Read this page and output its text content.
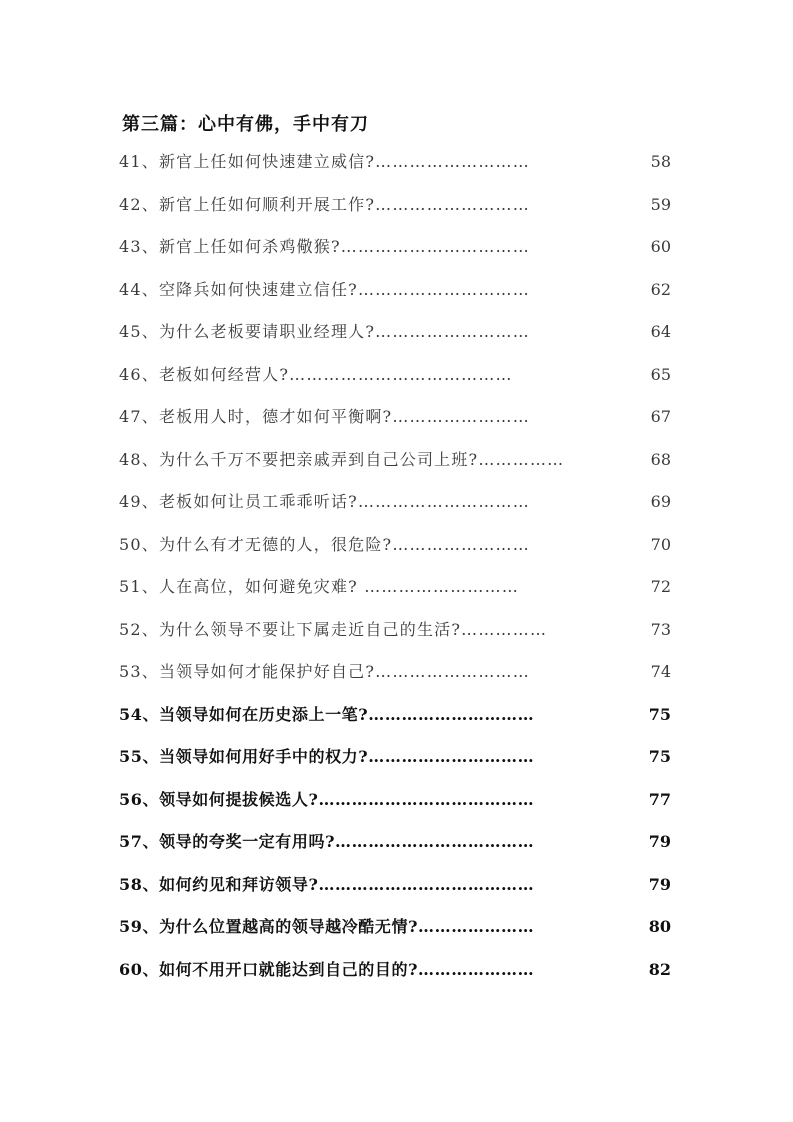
第三篇：心中有佛，手中有刀
41、新官上任如何快速建立威信?………………………	58
42、新官上任如何顺利开展工作?………………………	59
43、新官上任如何杀鸡儆猴?……………………………	60
44、空降兵如何快速建立信任?…………………………	62
45、为什么老板要请职业经理人?………………………	64
46、老板如何经营人?…………………………………	65
47、老板用人时，德才如何平衡啊?……………………	67
48、为什么千万不要把亲戚弄到自己公司上班?……………	68
49、老板如何让员工乖乖听话?…………………………	69
50、为什么有才无德的人，很危险?……………………	70
51、人在高位，如何避免灾难? ………………………	72
52、为什么领导不要让下属走近自己的生活?……………	73
53、当领导如何才能保护好自己?………………………	74
54、当领导如何在历史添上一笔?…………………………	75
55、当领导如何用好手中的权力?…………………………	75
56、领导如何提拔候选人?…………………………………	77
57、领导的夸奖一定有用吗?………………………………	79
58、如何约见和拜访领导?…………………………………	79
59、为什么位置越高的领导越冷酷无情?…………………	80
60、如何不用开口就能达到自己的目的?…………………	82
